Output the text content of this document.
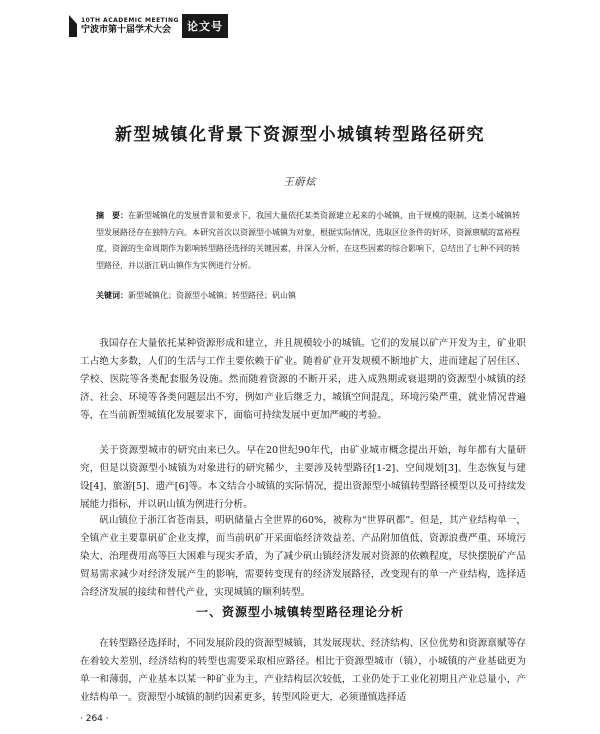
10TH ACADEMIC MEETING
宁波市第十届学术大会	论文号
新型城镇化背景下资源型小城镇转型路径研究
王蔚炫
摘　要：在新型城镇化的发展背景和要求下，我国大量依托某类资源建立起来的小城镇，由于规模的限制，这类小城镇转型发展路径存在独特方向。本研究首次以资源型小城镇为对象，根据实际情况，选取区位条件的好坏，资源禀赋的富裕程度，资源的生命周期作为影响转型路径选择的关键因素，并深入分析，在这些因素的综合影响下，总结出了七种不同的转型路径，并以浙江矾山镇作为实例进行分析。
关键词：新型城镇化；资源型小城镇；转型路径；矾山镇

我国存在大量依托某种资源形成和建立，并且规模较小的城镇。它们的发展以矿产开发为主，矿业职工占绝大多数，人们的生活与工作主要依赖于矿业。随着矿业开发规模不断地扩大，进而建起了居住区、学校、医院等各类配套服务设施。然而随着资源的不断开采，进入成熟期或衰退期的资源型小城镇的经济、社会、环境等各类问题层出不穷，例如产业后继乏力，城镇空间混乱，环境污染严重，就业情况普遍等，在当前新型城镇化发展要求下，面临可持续发展中更加严峻的考验。

关于资源型城市的研究由来已久。早在20世纪90年代，由矿业城市概念提出开始，每年都有大量研究，但是以资源型小城镇为对象进行的研究稀少，主要涉及转型路径[1-2]、空间规划[3]、生态恢复与建设[4]、旅游[5]、遗产[6]等。本文结合小城镇的实际情况，提出资源型小城镇转型路径模型以及可持续发展能力指标，并以矾山镇为例进行分析。

矾山镇位于浙江省苍南县，明矾储量占全世界的60%，被称为“世界矾都”。但是，其产业结构单一，全镇产业主要靠矾矿企业支撑，而当前矾矿开采面临经济效益差、产品附加值低、资源浪费严重、环境污染大、治理费用高等巨大困难与现实矛盾，为了减少矾山镇经济发展对资源的依赖程度，尽快摆脱矿产品贸易需求减少对经济发展产生的影响，需要转变现有的经济发展路径，改变现有的单一产业结构，选择适合经济发展的接续和替代产业，实现城镇的顺利转型。

一、资源型小城镇转型路径理论分析

在转型路径选择时，不同发展阶段的资源型城镇，其发展现状、经济结构、区位优势和资源禀赋等存在着较大差别，经济结构的转型也需要采取相应路径。相比于资源型城市（镇），小城镇的产业基础更为单一和薄弱，产业基本以某一种矿业为主，产业结构层次较低，工业仍处于工业化初期且产业总量小，产业结构单一。资源型小城镇的制约因素更多，转型风险更大，必须谨慎选择适

· 264 ·
